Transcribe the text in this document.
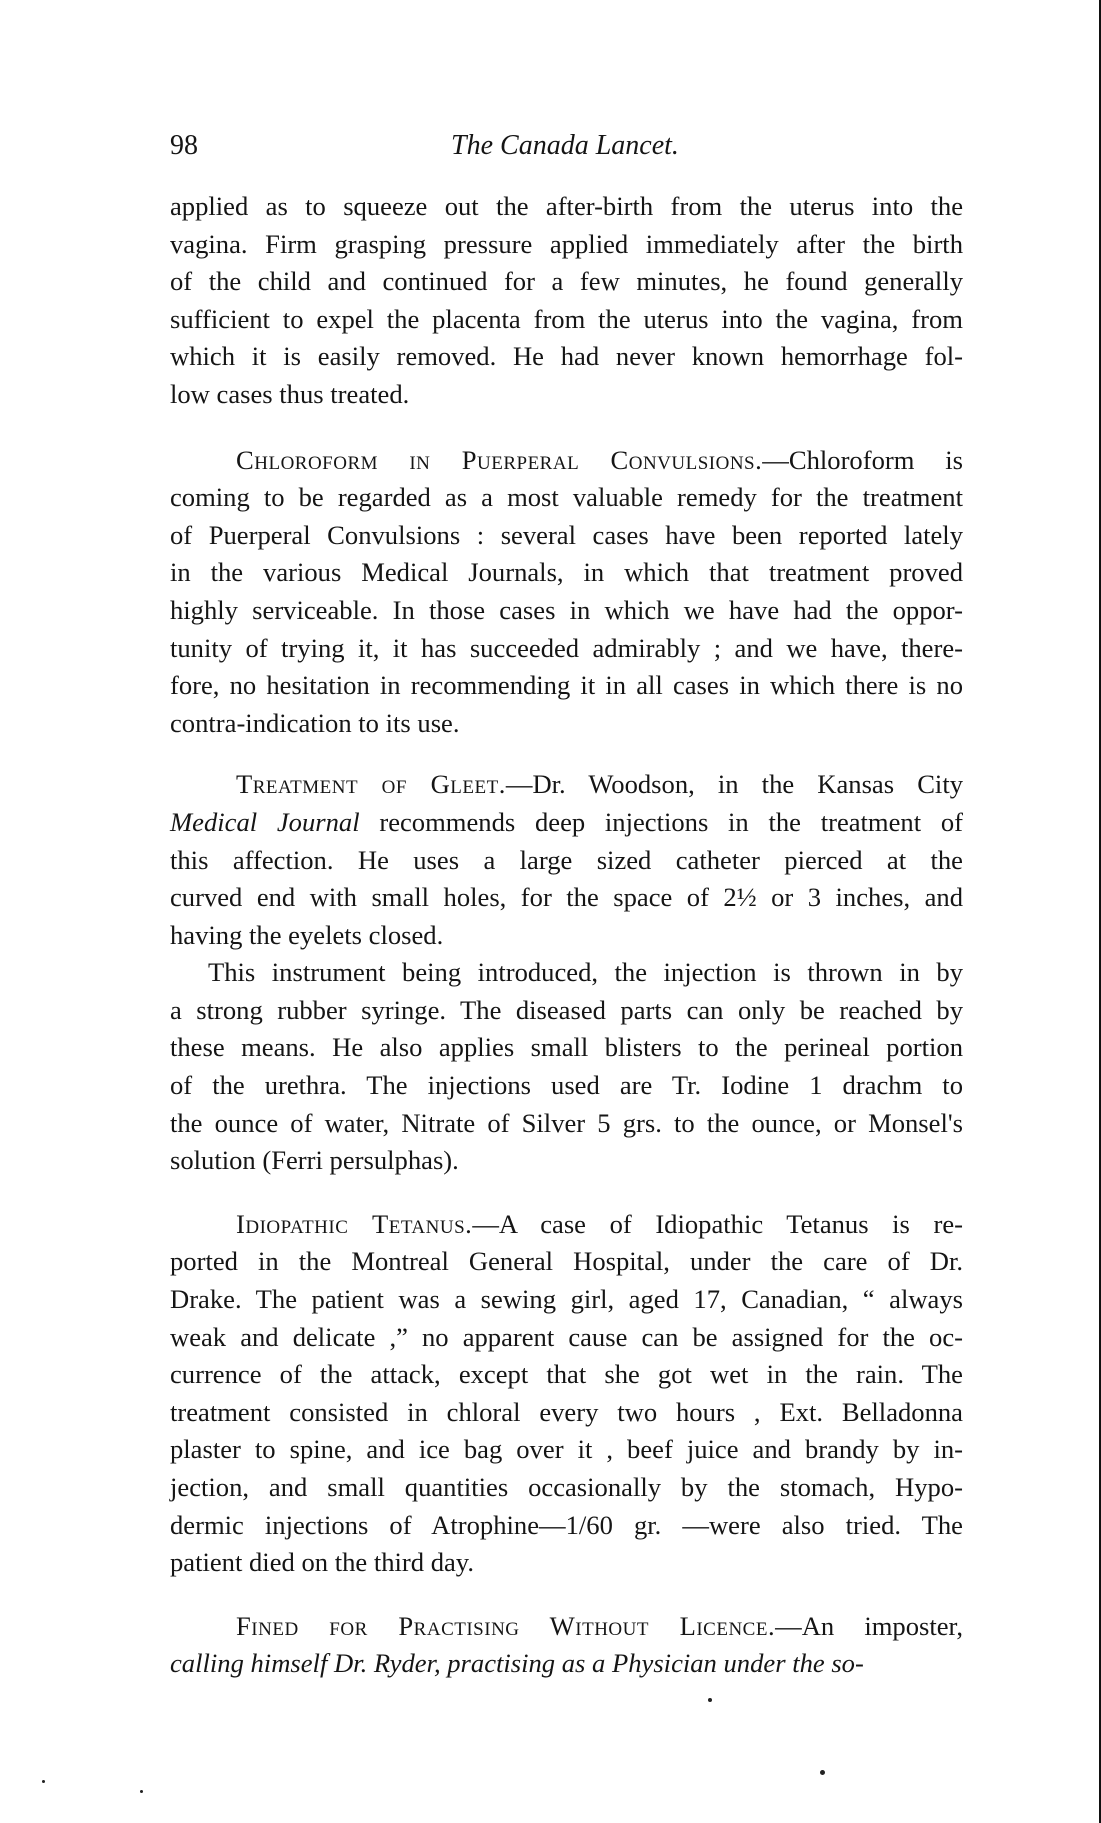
98	The Canada Lancet.

applied as to squeeze out the after-birth from the uterus into the
vagina. Firm grasping pressure applied immediately after the birth
of the child and continued for a few minutes, he found generally
sufficient to expel the placenta from the uterus into the vagina, from
which it is easily removed. He had never known hemorrhage fol-
low cases thus treated.

Chloroform in Puerperal Convulsions.—Chloroform is
coming to be regarded as a most valuable remedy for the treatment
of Puerperal Convulsions : several cases have been reported lately
in the various Medical Journals, in which that treatment proved
highly serviceable. In those cases in which we have had the oppor-
tunity of trying it, it has succeeded admirably ; and we have, there-
fore, no hesitation in recommending it in all cases in which there is no
contra-indication to its use.

Treatment of Gleet.—Dr. Woodson, in the Kansas City
Medical Journal recommends deep injections in the treatment of
this affection. He uses a large sized catheter pierced at the
curved end with small holes, for the space of 2½ or 3 inches, and
having the eyelets closed.

This instrument being introduced, the injection is thrown in by
a strong rubber syringe. The diseased parts can only be reached by
these means. He also applies small blisters to the perineal portion
of the urethra. The injections used are Tr. Iodine 1 drachm to
the ounce of water, Nitrate of Silver 5 grs. to the ounce, or Monsel's
solution (Ferri persulphas).

Idiopathic Tetanus.—A case of Idiopathic Tetanus is re-
ported in the Montreal General Hospital, under the care of Dr.
Drake. The patient was a sewing girl, aged 17, Canadian, “ always
weak and delicate ,” no apparent cause can be assigned for the oc-
currence of the attack, except that she got wet in the rain. The
treatment consisted in chloral every two hours , Ext. Belladonna
plaster to spine, and ice bag over it , beef juice and brandy by in-
jection, and small quantities occasionally by the stomach, Hypo-
dermic injections of Atrophine—1/60 gr. —were also tried. The
patient died on the third day.

Fined for Practising Without Licence.—An imposter,
calling himself Dr. Ryder, practising as a Physician under the so-
